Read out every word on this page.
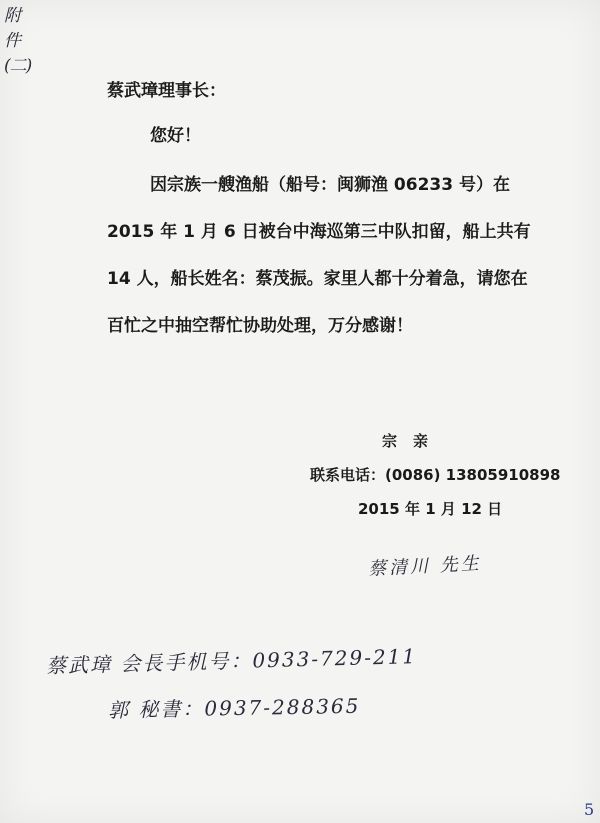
附件(二)
蔡武璋理事长：
您好！

因宗族一艘渔船（船号：闽狮渔 06233 号）在 2015 年 1 月 6 日被台中海巡第三中队扣留，船上共有 14 人，船长姓名：蔡茂振。家里人都十分着急，请您在百忙之中抽空帮忙协助处理，万分感谢！

宗亲
联系电话：(0086) 13805910898
2015 年 1 月 12 日
蔡清川 先生
蔡武璋 会長手机号：0933-729-211
郭 秘書：0937-288365
5
